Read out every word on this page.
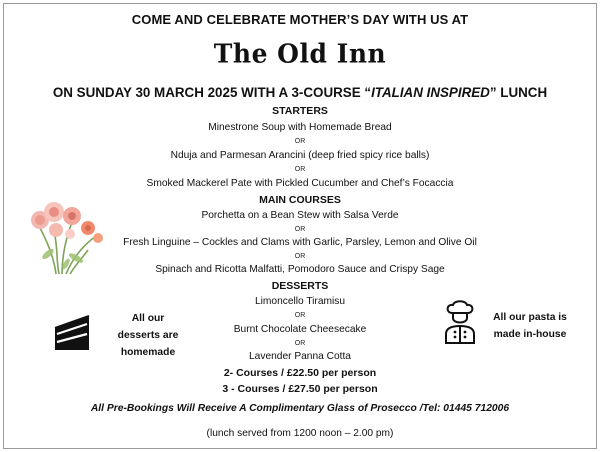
COME AND CELEBRATE MOTHER’S DAY WITH US AT
The Old Inn
ON SUNDAY 30 MARCH 2025 WITH A 3-COURSE “ITALIAN INSPIRED” LUNCH
STARTERS
Minestrone Soup with Homemade Bread
OR
Nduja and Parmesan Arancini (deep fried spicy rice balls)
OR
Smoked Mackerel Pate with Pickled Cucumber and Chef’s Focaccia
MAIN COURSES
Porchetta on a Bean Stew with Salsa Verde
OR
Fresh Linguine – Cockles and Clams with Garlic, Parsley, Lemon and Olive Oil
OR
Spinach and Ricotta Malfatti, Pomodoro Sauce and Crispy Sage
DESSERTS
Limoncello Tiramisu
OR
Burnt Chocolate Cheesecake
OR
Lavender Panna Cotta
2- Courses / £22.50 per person
3 - Courses / £27.50 per person
All Pre-Bookings Will Receive A Complimentary Glass of Prosecco /Tel: 01445 712006
(lunch served from 1200 noon – 2.00 pm)
All our
desserts are
homemade
All our pasta is
made in-house
